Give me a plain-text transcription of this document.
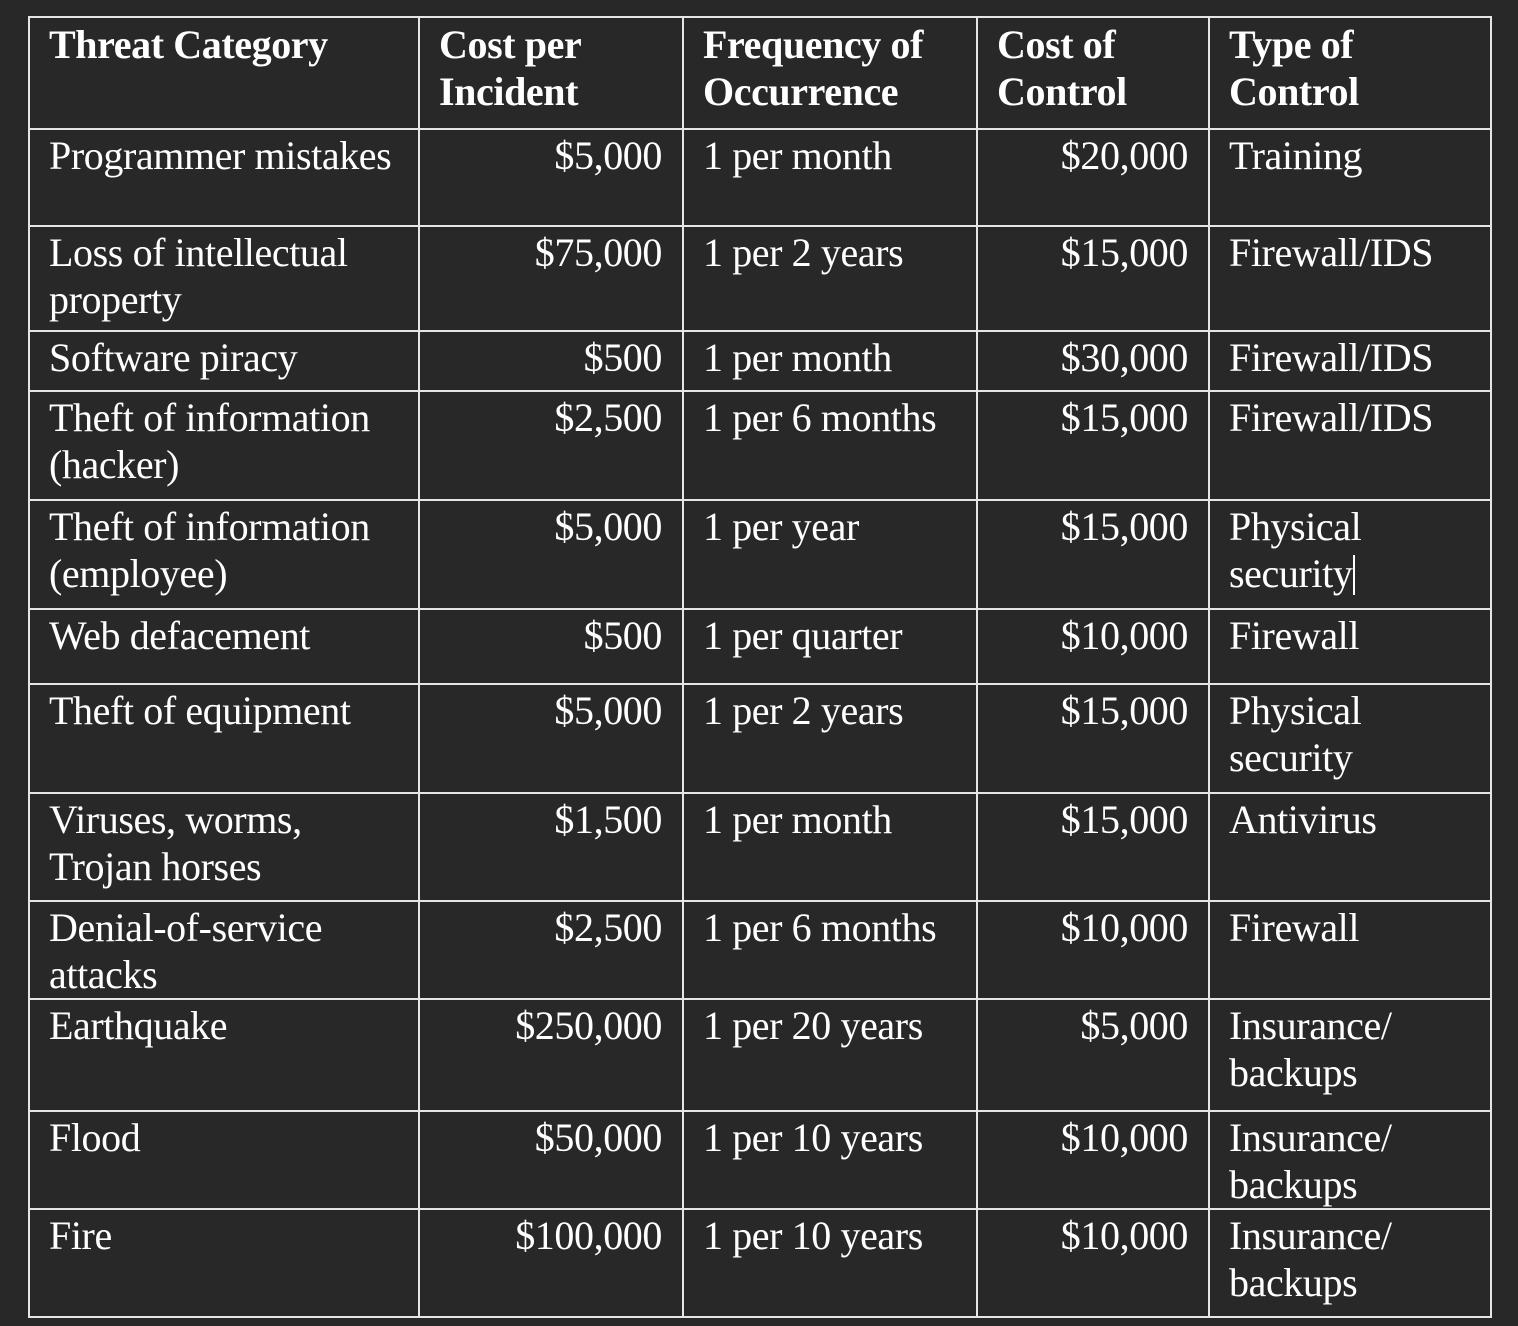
Threat Category	Cost per Incident	Frequency of Occurrence	Cost of Control	Type of Control
Programmer mistakes	$5,000	1 per month	$20,000	Training
Loss of intellectual property	$75,000	1 per 2 years	$15,000	Firewall/IDS
Software piracy	$500	1 per month	$30,000	Firewall/IDS
Theft of information (hacker)	$2,500	1 per 6 months	$15,000	Firewall/IDS
Theft of information (employee)	$5,000	1 per year	$15,000	Physical security
Web defacement	$500	1 per quarter	$10,000	Firewall
Theft of equipment	$5,000	1 per 2 years	$15,000	Physical security
Viruses, worms, Trojan horses	$1,500	1 per month	$15,000	Antivirus
Denial-of-service attacks	$2,500	1 per 6 months	$10,000	Firewall
Earthquake	$250,000	1 per 20 years	$5,000	Insurance/ backups
Flood	$50,000	1 per 10 years	$10,000	Insurance/ backups
Fire	$100,000	1 per 10 years	$10,000	Insurance/ backups
